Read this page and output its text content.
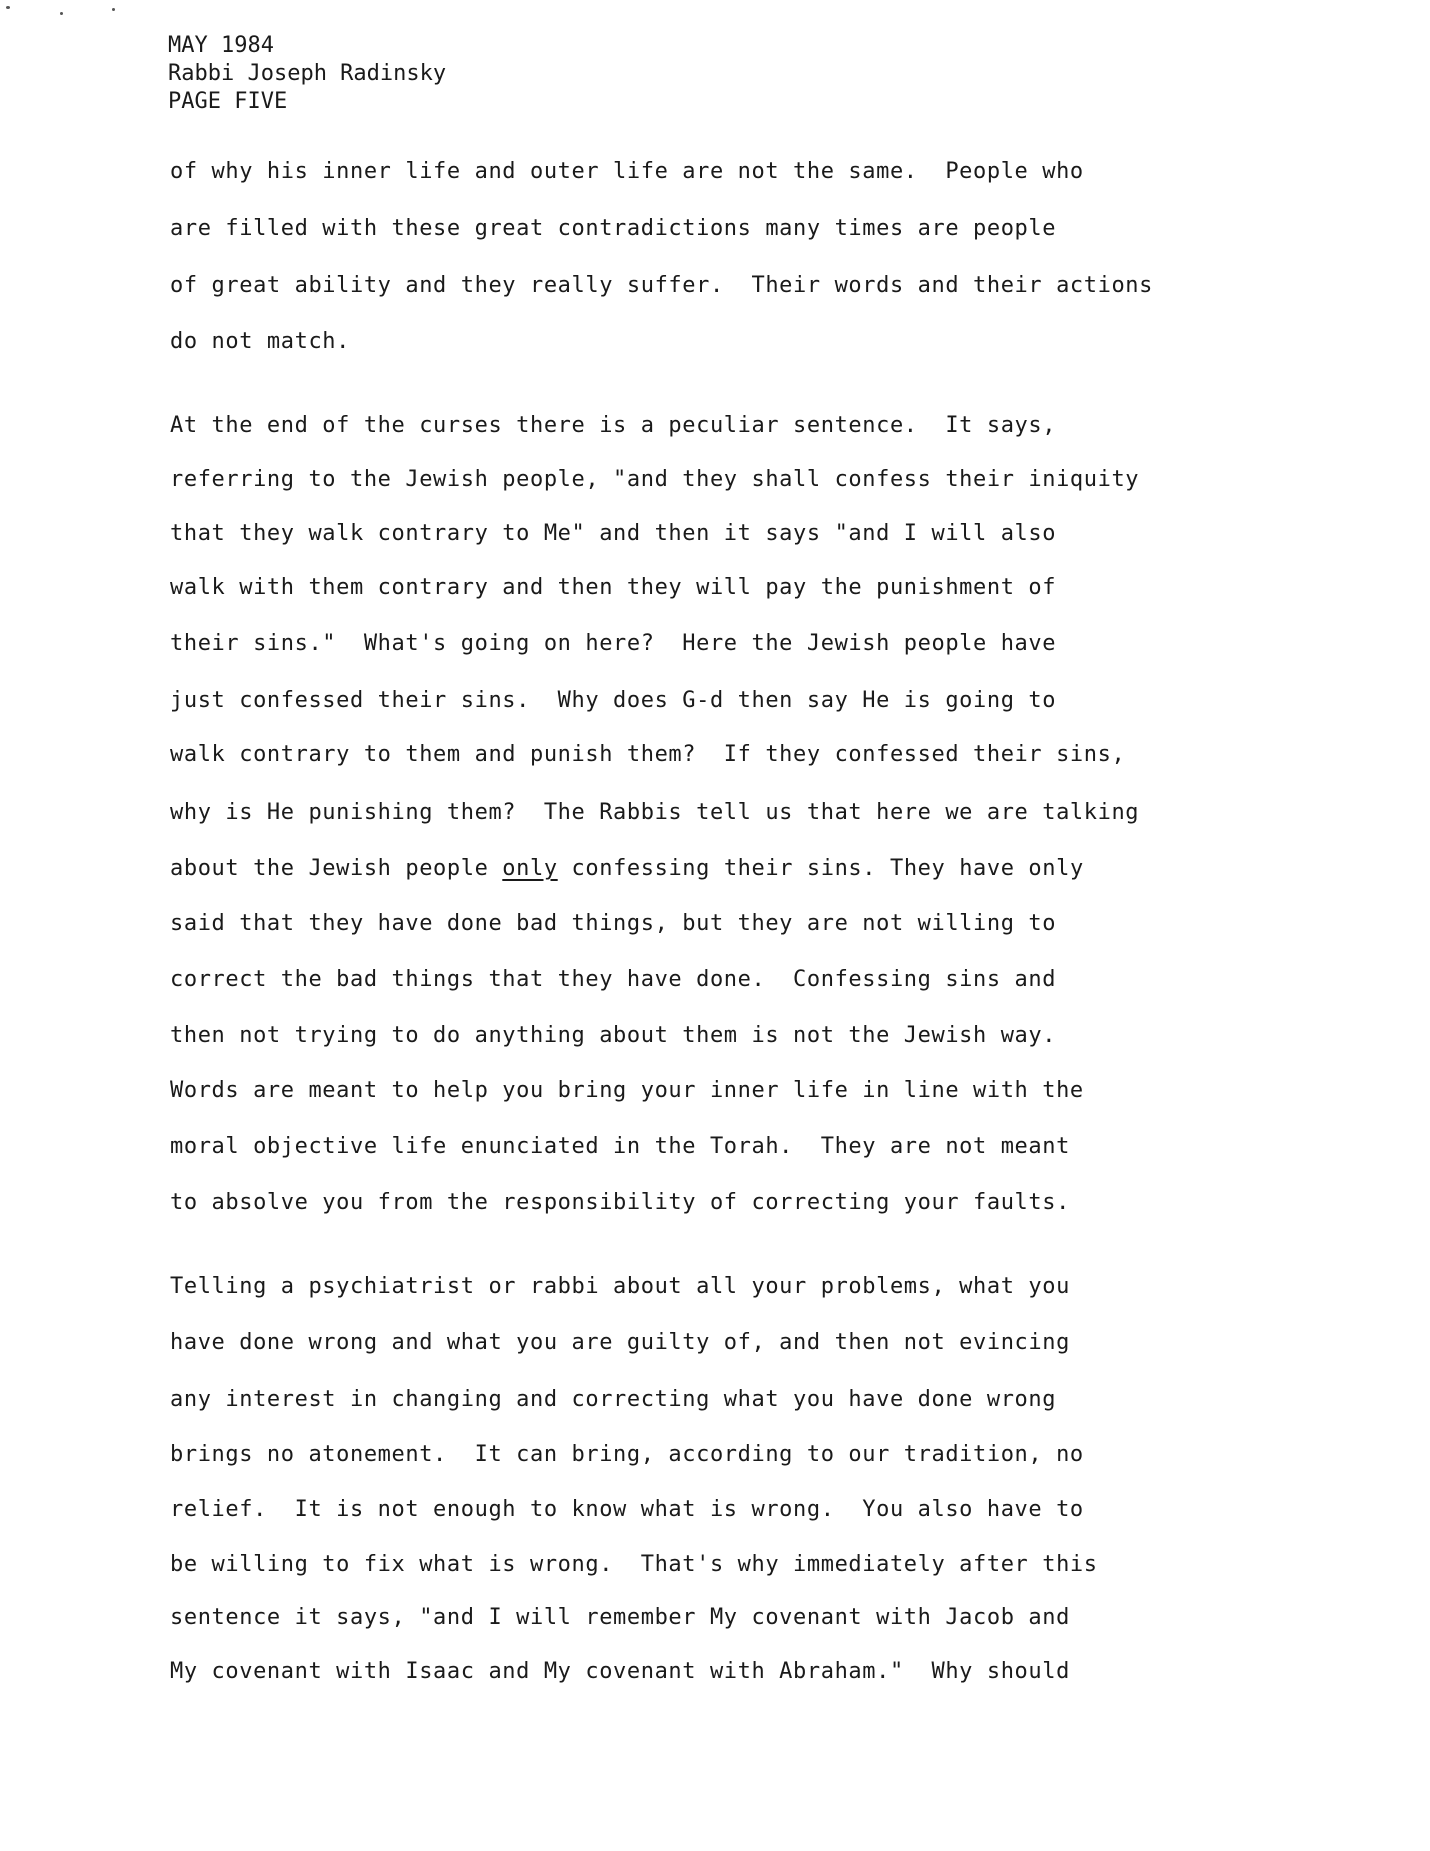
MAY 1984
Rabbi Joseph Radinsky
PAGE FIVE
of why his inner life and outer life are not the same.  People who
are filled with these great contradictions many times are people
of great ability and they really suffer.  Their words and their actions
do not match.
At the end of the curses there is a peculiar sentence.  It says,
referring to the Jewish people, "and they shall confess their iniquity
that they walk contrary to Me" and then it says "and I will also
walk with them contrary and then they will pay the punishment of
their sins."  What's going on here?  Here the Jewish people have
just confessed their sins.  Why does G-d then say He is going to
walk contrary to them and punish them?  If they confessed their sins,
why is He punishing them?  The Rabbis tell us that here we are talking
about the Jewish people only confessing their sins. They have only
said that they have done bad things, but they are not willing to
correct the bad things that they have done.  Confessing sins and
then not trying to do anything about them is not the Jewish way.
Words are meant to help you bring your inner life in line with the
moral objective life enunciated in the Torah.  They are not meant
to absolve you from the responsibility of correcting your faults.
Telling a psychiatrist or rabbi about all your problems, what you
have done wrong and what you are guilty of, and then not evincing
any interest in changing and correcting what you have done wrong
brings no atonement.  It can bring, according to our tradition, no
relief.  It is not enough to know what is wrong.  You also have to
be willing to fix what is wrong.  That's why immediately after this
sentence it says, "and I will remember My covenant with Jacob and
My covenant with Isaac and My covenant with Abraham."  Why should
